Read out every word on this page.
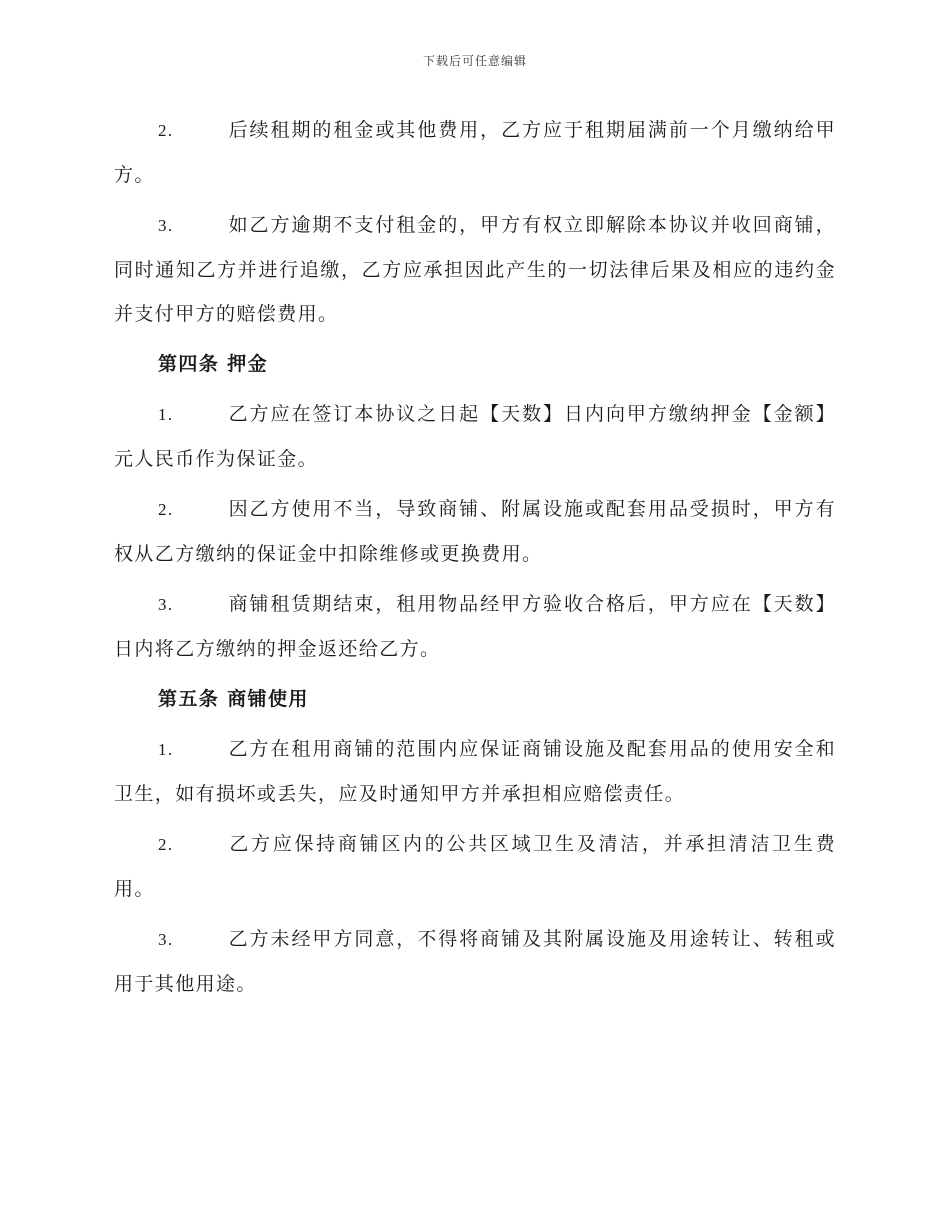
下载后可任意编辑

2.	后续租期的租金或其他费用，乙方应于租期届满前一个月缴纳给甲方。

3.	如乙方逾期不支付租金的，甲方有权立即解除本协议并收回商铺，同时通知乙方并进行追缴，乙方应承担因此产生的一切法律后果及相应的违约金并支付甲方的赔偿费用。

第四条 押金

1.	乙方应在签订本协议之日起【天数】日内向甲方缴纳押金【金额】元人民币作为保证金。

2.	因乙方使用不当，导致商铺、附属设施或配套用品受损时，甲方有权从乙方缴纳的保证金中扣除维修或更换费用。

3.	商铺租赁期结束，租用物品经甲方验收合格后，甲方应在【天数】日内将乙方缴纳的押金返还给乙方。

第五条 商铺使用

1.	乙方在租用商铺的范围内应保证商铺设施及配套用品的使用安全和卫生，如有损坏或丢失，应及时通知甲方并承担相应赔偿责任。

2.	乙方应保持商铺区内的公共区域卫生及清洁，并承担清洁卫生费用。

3.	乙方未经甲方同意，不得将商铺及其附属设施及用途转让、转租或用于其他用途。
